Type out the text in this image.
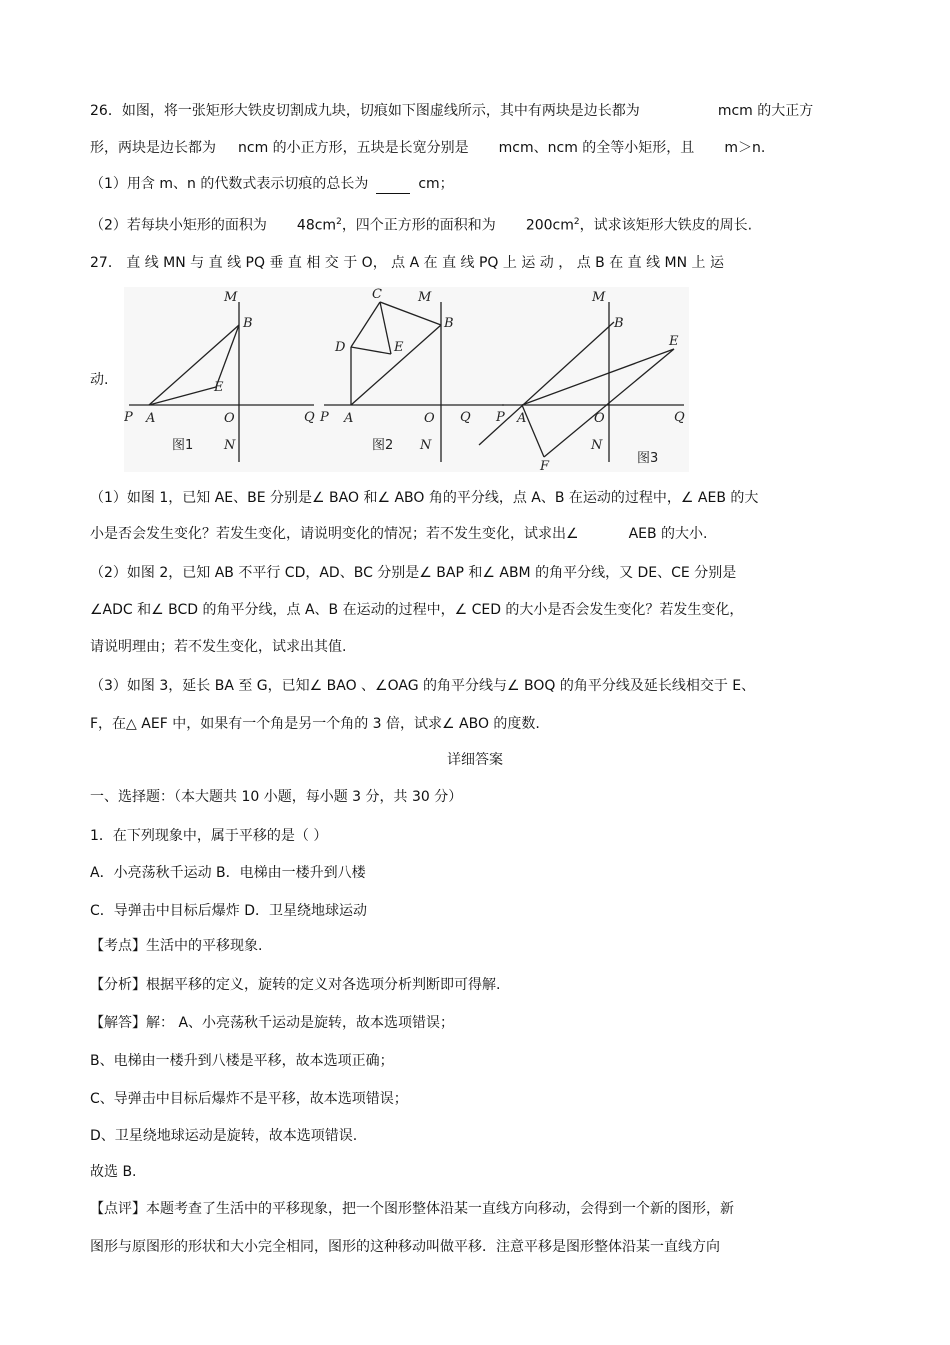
26．如图，将一张矩形大铁皮切割成九块，切痕如下图虚线所示，其中有两块是边长都为	mcm 的大正方
形，两块是边长都为 ncm 的小正方形，五块是长宽分别是 mcm、ncm 的全等小矩形，且 m＞n.
（1）用含 m、n 的代数式表示切痕的总长为	cm；
（2）若每块小矩形的面积为 $48cm^2$，四个正方形的面积和为 $200cm^2$，试求该矩形大铁皮的周长.
27． 直 线 MN 与 直 线 PQ 垂 直 相 交 于 O， 点 A 在 直 线 PQ 上 运 动 ， 点 B 在 直 线 MN 上 运
动.
M
B
E
P A	O	Q
N
图1
C	M
B
D	E
P A	O Q
N
图2
M
B
E
P A	O	Q
N
F
图3
（1）如图 1，已知 AE、BE 分别是∠ BAO 和∠ ABO 角的平分线，点 A、B 在运动的过程中，∠ AEB 的大
小是否会发生变化？若发生变化，请说明变化的情况；若不发生变化，试求出∠	AEB 的大小.
（2）如图 2，已知 AB 不平行 CD，AD、BC 分别是∠ BAP 和∠ ABM 的角平分线，又 DE、CE 分别是
∠ADC 和∠ BCD 的角平分线，点 A、B 在运动的过程中，∠ CED 的大小是否会发生变化？若发生变化，
请说明理由；若不发生变化，试求出其值.
（3）如图 3，延长 BA 至 G，已知∠ BAO 、∠OAG 的角平分线与∠ BOQ 的角平分线及延长线相交于 E、
F，在△ AEF 中，如果有一个角是另一个角的 3 倍，试求∠ ABO 的度数.
详细答案
一、选择题：（本大题共 10 小题，每小题 3 分，共 30 分）
1．在下列现象中，属于平移的是（ ）
A．小亮荡秋千运动 B．电梯由一楼升到八楼
C．导弹击中目标后爆炸 D．卫星绕地球运动
【考点】生活中的平移现象.
【分析】根据平移的定义，旋转的定义对各选项分析判断即可得解.
【解答】解： A、小亮荡秋千运动是旋转，故本选项错误；
B、电梯由一楼升到八楼是平移，故本选项正确；
C、导弹击中目标后爆炸不是平移，故本选项错误；
D、卫星绕地球运动是旋转，故本选项错误.
故选 B.
【点评】本题考查了生活中的平移现象，把一个图形整体沿某一直线方向移动，会得到一个新的图形，新
图形与原图形的形状和大小完全相同，图形的这种移动叫做平移．注意平移是图形整体沿某一直线方向
